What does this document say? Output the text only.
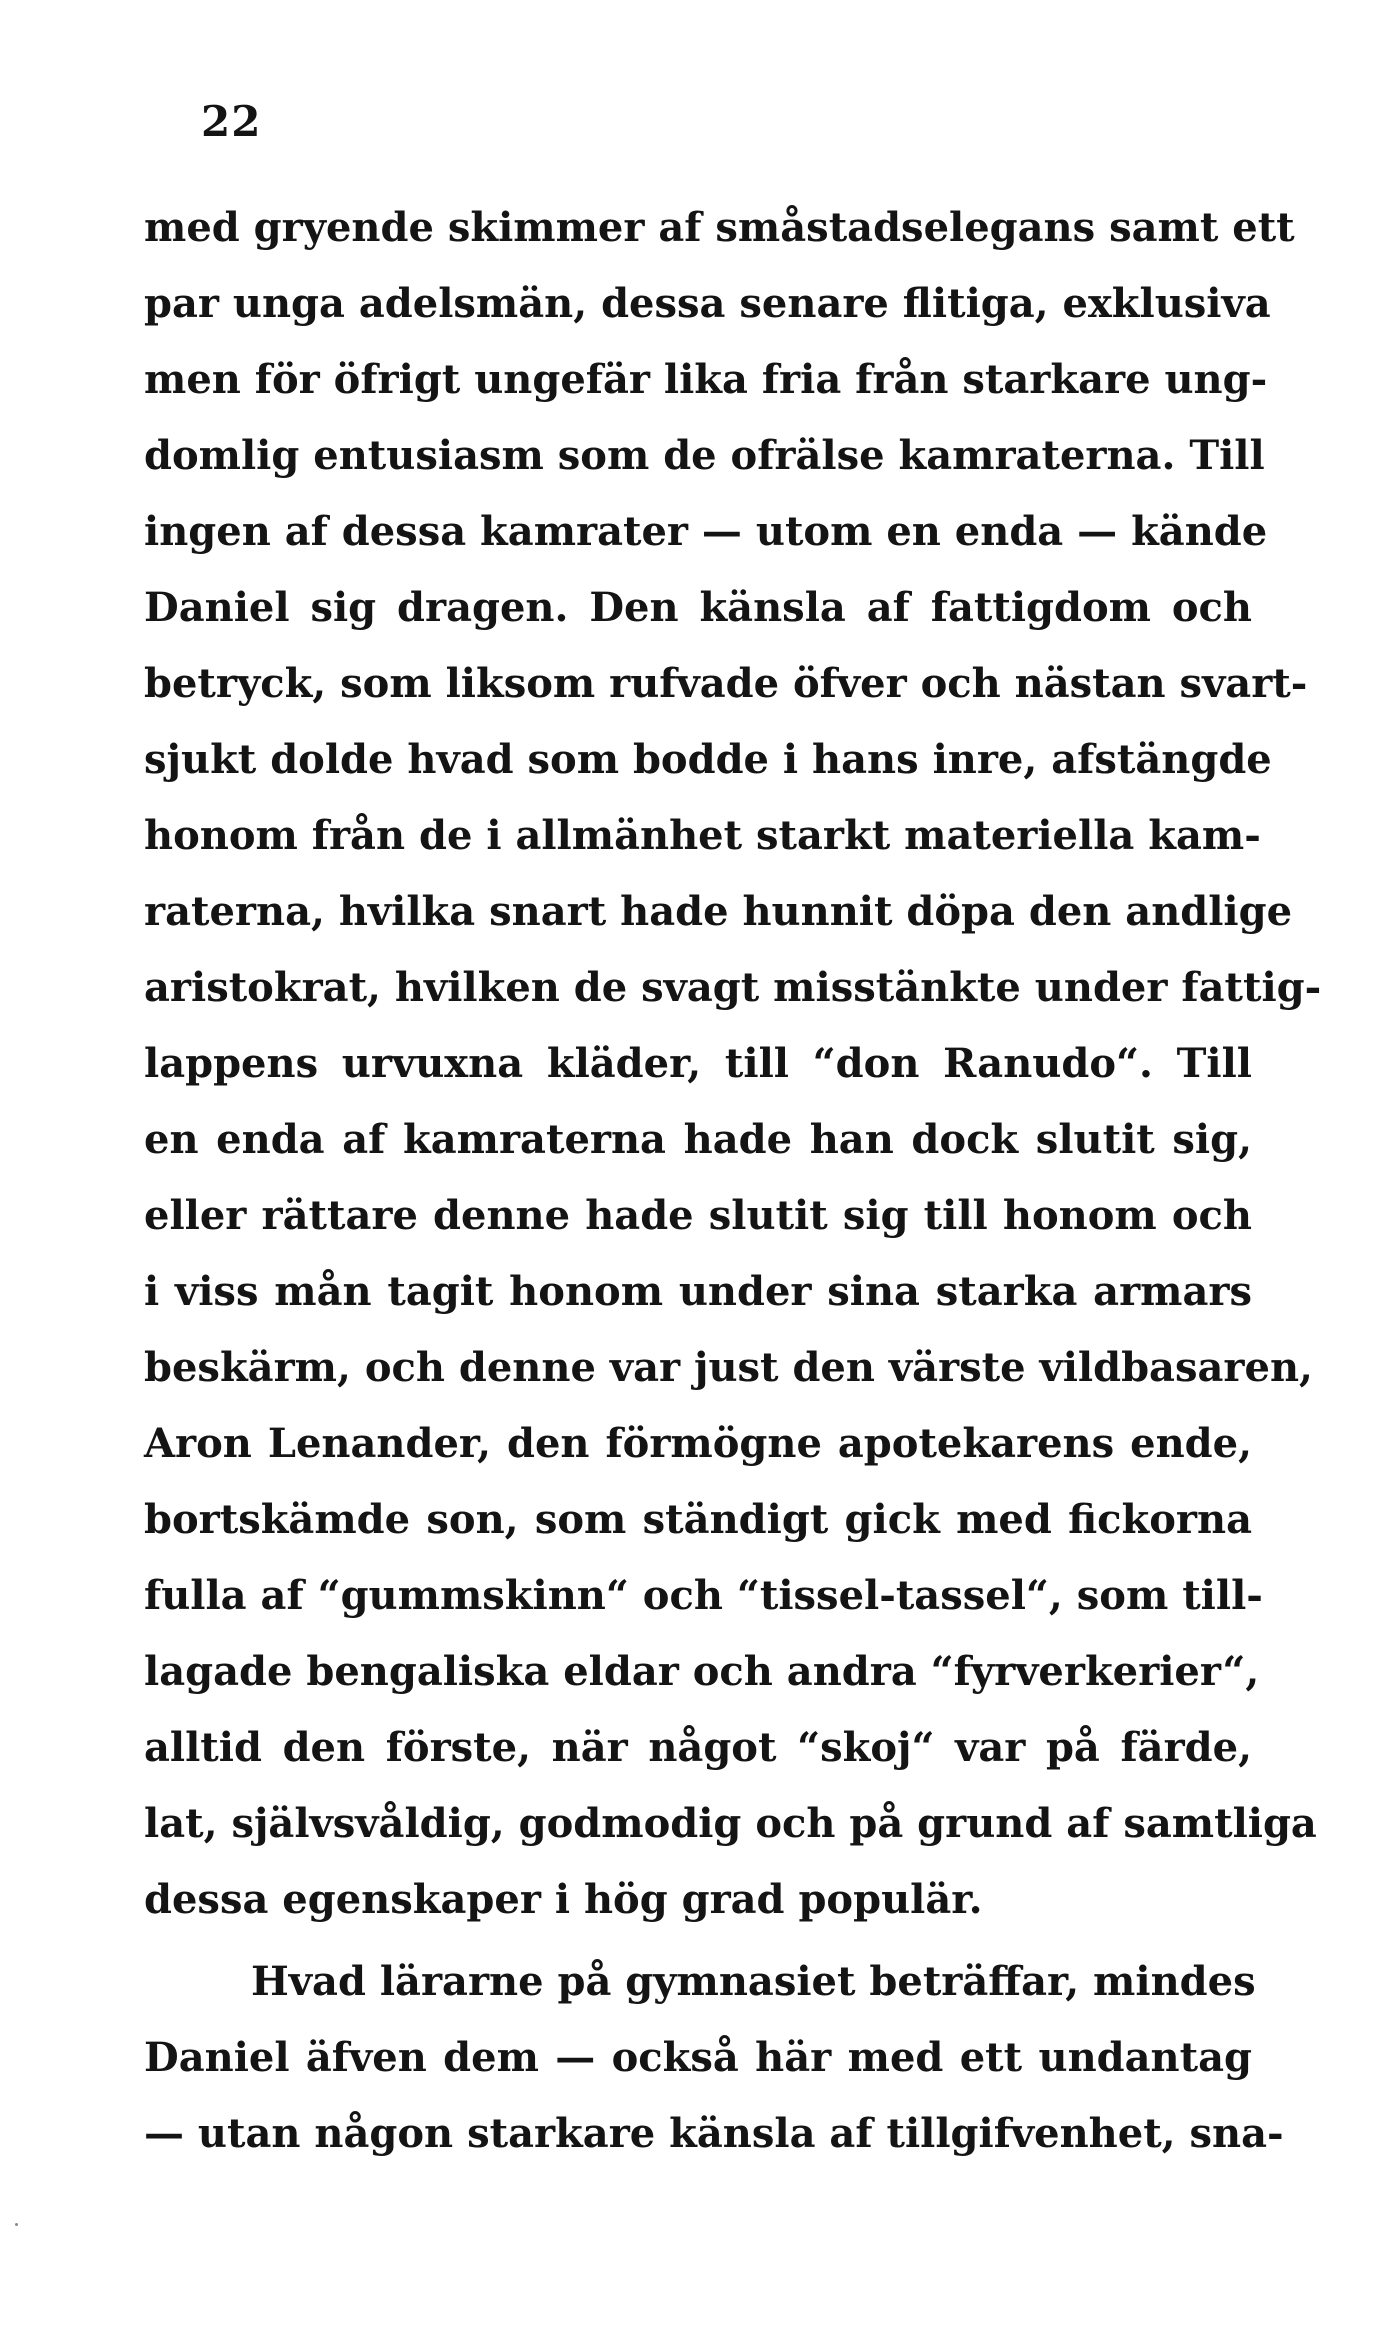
22
med gryende skimmer af småstadselegans samt ett
par unga adelsmän, dessa senare flitiga, exklusiva
men för öfrigt ungefär lika fria från starkare ung-
domlig entusiasm som de ofrälse kamraterna. Till
ingen af dessa kamrater — utom en enda — kände
Daniel sig dragen. Den känsla af fattigdom och
betryck, som liksom rufvade öfver och nästan svart-
sjukt dolde hvad som bodde i hans inre, afstängde
honom från de i allmänhet starkt materiella kam-
raterna, hvilka snart hade hunnit döpa den andlige
aristokrat, hvilken de svagt misstänkte under fattig-
lappens urvuxna kläder, till “don Ranudo“. Till
en enda af kamraterna hade han dock slutit sig,
eller rättare denne hade slutit sig till honom och
i viss mån tagit honom under sina starka armars
beskärm, och denne var just den värste vildbasaren,
Aron Lenander, den förmögne apotekarens ende,
bortskämde son, som ständigt gick med fickorna
fulla af “gummskinn“ och “tissel-tassel“, som till-
lagade bengaliska eldar och andra “fyrverkerier“,
alltid den förste, när något “skoj“ var på färde,
lat, självsvåldig, godmodig och på grund af samtliga
dessa egenskaper i hög grad populär.
Hvad lärarne på gymnasiet beträffar, mindes
Daniel äfven dem — också här med ett undantag
— utan någon starkare känsla af tillgifvenhet, sna-
